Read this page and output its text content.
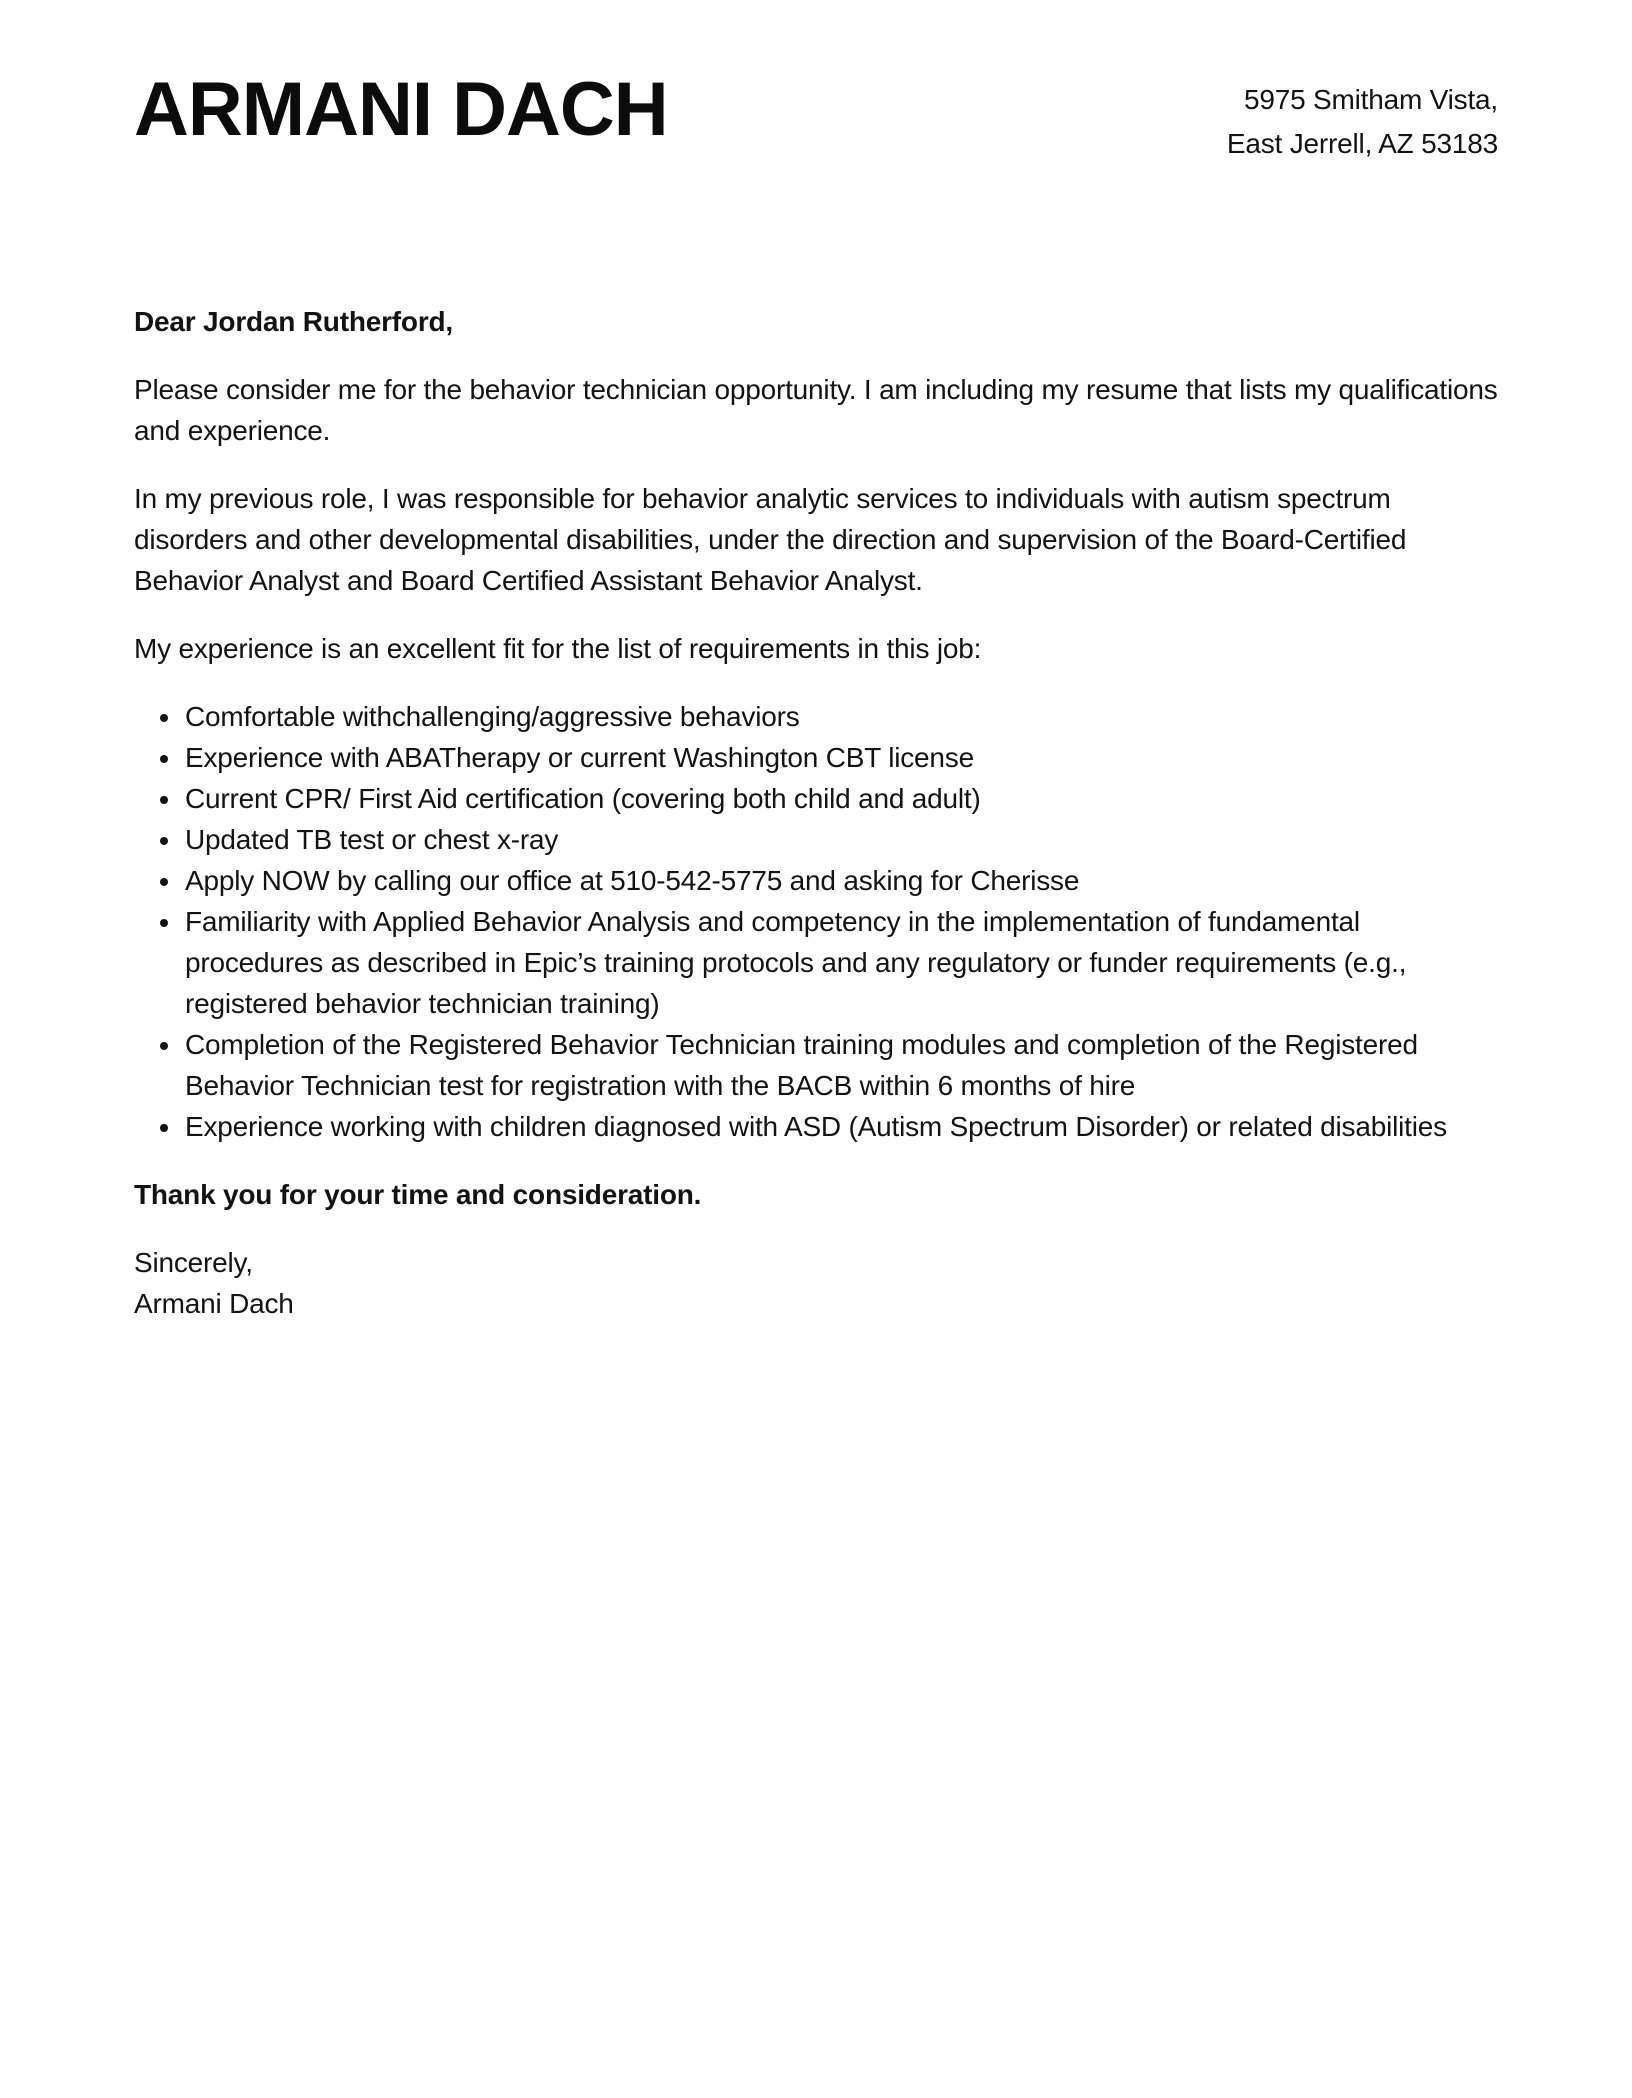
ARMANI DACH	5975 Smitham Vista,
East Jerrell, AZ 53183

Dear Jordan Rutherford,

Please consider me for the behavior technician opportunity. I am including my resume that lists my qualifications and experience.

In my previous role, I was responsible for behavior analytic services to individuals with autism spectrum disorders and other developmental disabilities, under the direction and supervision of the Board-Certified Behavior Analyst and Board Certified Assistant Behavior Analyst.

My experience is an excellent fit for the list of requirements in this job:

• Comfortable withchallenging/aggressive behaviors
• Experience with ABATherapy or current Washington CBT license
• Current CPR/ First Aid certification (covering both child and adult)
• Updated TB test or chest x-ray
• Apply NOW by calling our office at 510-542-5775 and asking for Cherisse
• Familiarity with Applied Behavior Analysis and competency in the implementation of fundamental procedures as described in Epic’s training protocols and any regulatory or funder requirements (e.g., registered behavior technician training)
• Completion of the Registered Behavior Technician training modules and completion of the Registered Behavior Technician test for registration with the BACB within 6 months of hire
• Experience working with children diagnosed with ASD (Autism Spectrum Disorder) or related disabilities

Thank you for your time and consideration.

Sincerely,
Armani Dach
